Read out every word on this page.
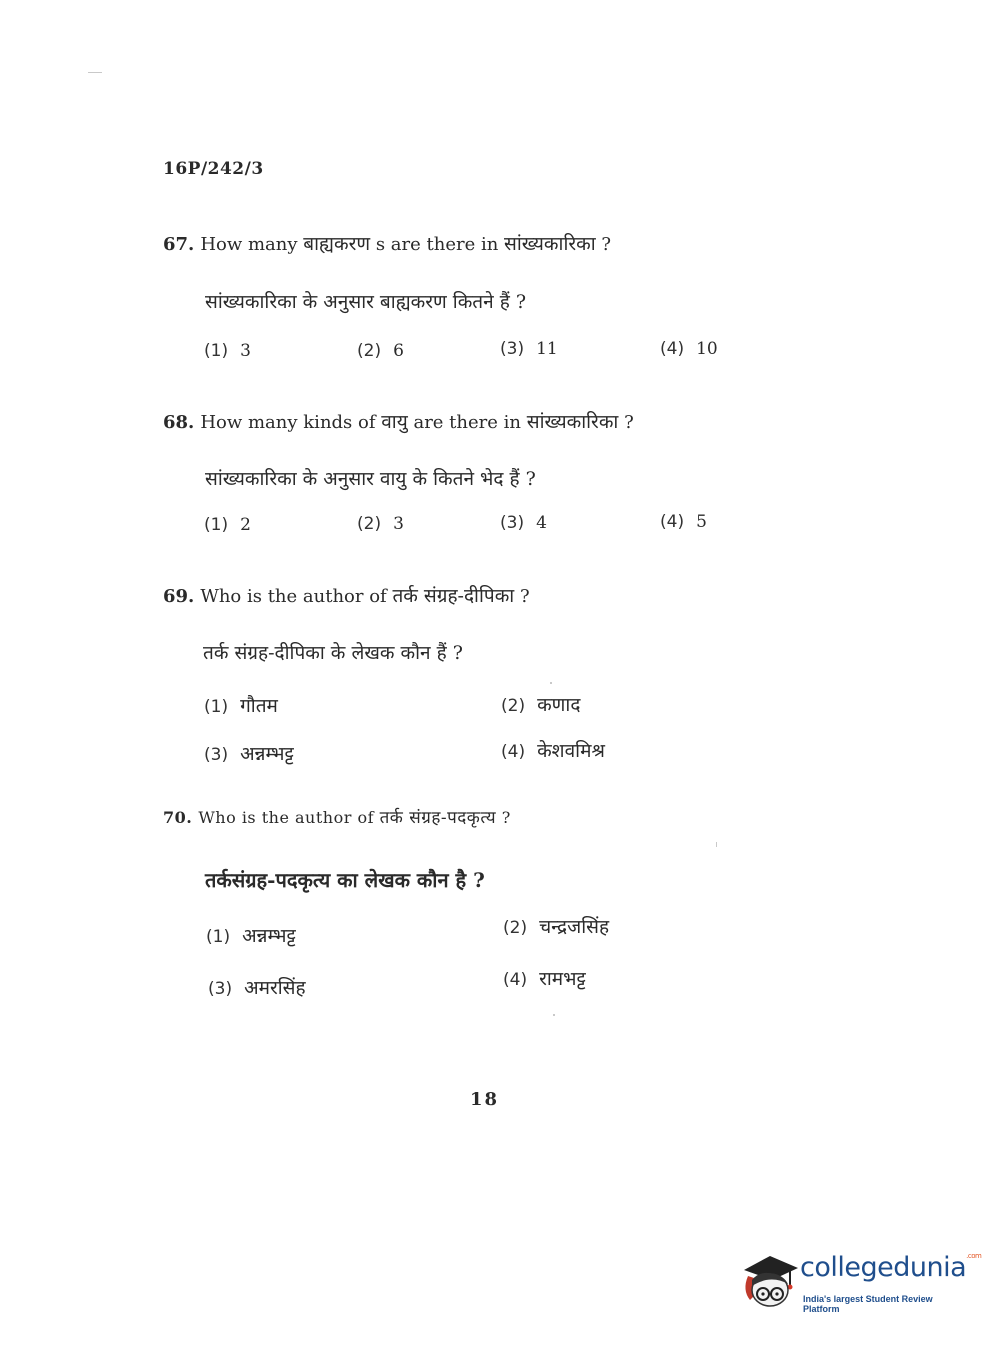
16P/242/3
67. How many बाह्यकरण s are there in सांख्यकारिका ?
सांख्यकारिका के अनुसार बाह्यकरण कितने हैं ?
(1) 3	(2) 6	(3) 11	(4) 10
68. How many kinds of वायु are there in सांख्यकारिका ?
सांख्यकारिका के अनुसार वायु के कितने भेद हैं ?
(1) 2	(2) 3	(3) 4	(4) 5
69. Who is the author of तर्क संग्रह-दीपिका ?
तर्क संग्रह-दीपिका के लेखक कौन हैं ?
(1) गौतम	(2) कणाद
(3) अन्नम्भट्ट	(4) केशवमिश्र
70. Who is the author of तर्क संग्रह-पदकृत्य ?
तर्कसंग्रह-पदकृत्य का लेखक कौन है ?
(1) अन्नम्भट्ट	(2) चन्द्रजसिंह
(3) अमरसिंह	(4) रामभट्ट
18
collegedunia$^{.com}$
India's largest Student Review Platform
